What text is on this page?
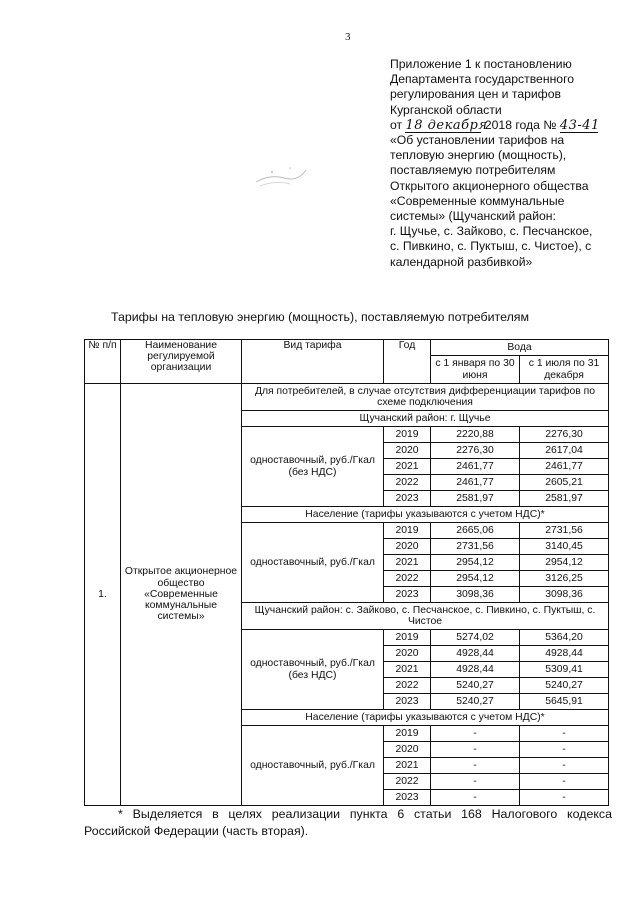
3
Приложение 1 к постановлению
Департамента государственного
регулирования цен и тарифов
Курганской области
от 18 декабря 2018 года № 43-41
«Об установлении тарифов на
тепловую энергию (мощность),
поставляемую потребителям
Открытого акционерного общества
«Современные коммунальные
системы» (Щучанский район:
г. Щучье, с. Зайково, с. Песчанское,
с. Пивкино, с. Пуктыш, с. Чистое), с
календарной разбивкой»
Тарифы на тепловую энергию (мощность), поставляемую потребителям
№ п/п	Наименование регулируемой организации	Вид тарифа	Год	Вода	
				с 1 января по 30 июня	с 1 июля по 31 декабря
1.	Открытое акционерное общество «Современные коммунальные системы»	Для потребителей, в случае отсутствия дифференциации тарифов по схеме подключения			
		Щучанский район: г. Щучье			
		одноставочный, руб./Гкал (без НДС)	2019	2220,88	2276,30
			2020	2276,30	2617,04
			2021	2461,77	2461,77
			2022	2461,77	2605,21
			2023	2581,97	2581,97
		Население (тарифы указываются с учетом НДС)*			
		одноставочный, руб./Гкал	2019	2665,06	2731,56
			2020	2731,56	3140,45
			2021	2954,12	2954,12
			2022	2954,12	3126,25
			2023	3098,36	3098,36
		Щучанский район: с. Зайково, с. Песчанское, с. Пивкино, с. Пуктыш, с. Чистое			
		одноставочный, руб./Гкал (без НДС)	2019	5274,02	5364,20
			2020	4928,44	4928,44
			2021	4928,44	5309,41
			2022	5240,27	5240,27
			2023	5240,27	5645,91
		Население (тарифы указываются с учетом НДС)*			
		одноставочный, руб./Гкал	2019	-	-
			2020	-	-
			2021	-	-
			2022	-	-
			2023	-	-
* Выделяется в целях реализации пункта 6 статьи 168 Налогового кодекса Российской Федерации (часть вторая).
